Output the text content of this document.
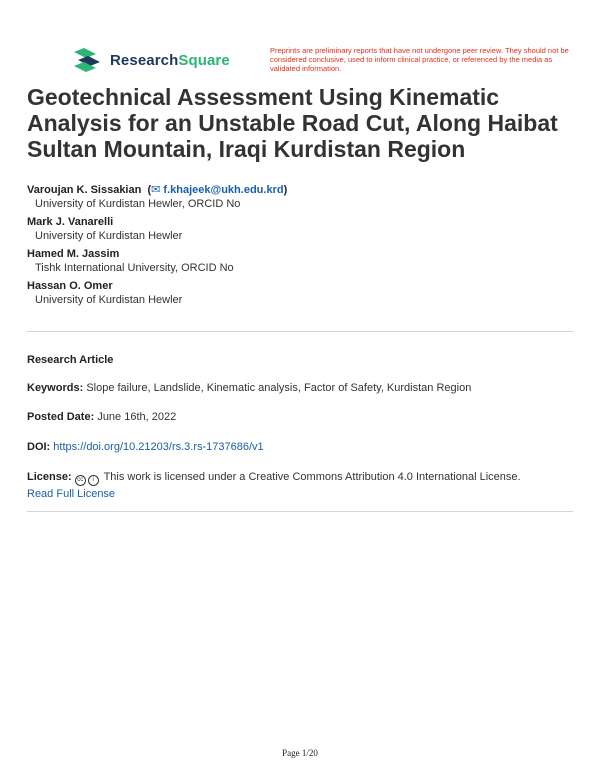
ResearchSquare
Preprints are preliminary reports that have not undergone peer review. They should not be considered conclusive, used to inform clinical practice, or referenced by the media as validated information.
Geotechnical Assessment Using Kinematic Analysis for an Unstable Road Cut, Along Haibat Sultan Mountain, Iraqi Kurdistan Region
Varoujan K. Sissakian  (✉ f.khajeek@ukh.edu.krd)
University of Kurdistan Hewler, ORCID No
Mark J. Vanarelli
University of Kurdistan Hewler
Hamed M. Jassim
Tishk International University, ORCID No
Hassan O. Omer
University of Kurdistan Hewler
Research Article
Keywords: Slope failure, Landslide, Kinematic analysis, Factor of Safety, Kurdistan Region
Posted Date: June 16th, 2022
DOI: https://doi.org/10.21203/rs.3.rs-1737686/v1
License: cc i This work is licensed under a Creative Commons Attribution 4.0 International License.
Read Full License
Page 1/20
